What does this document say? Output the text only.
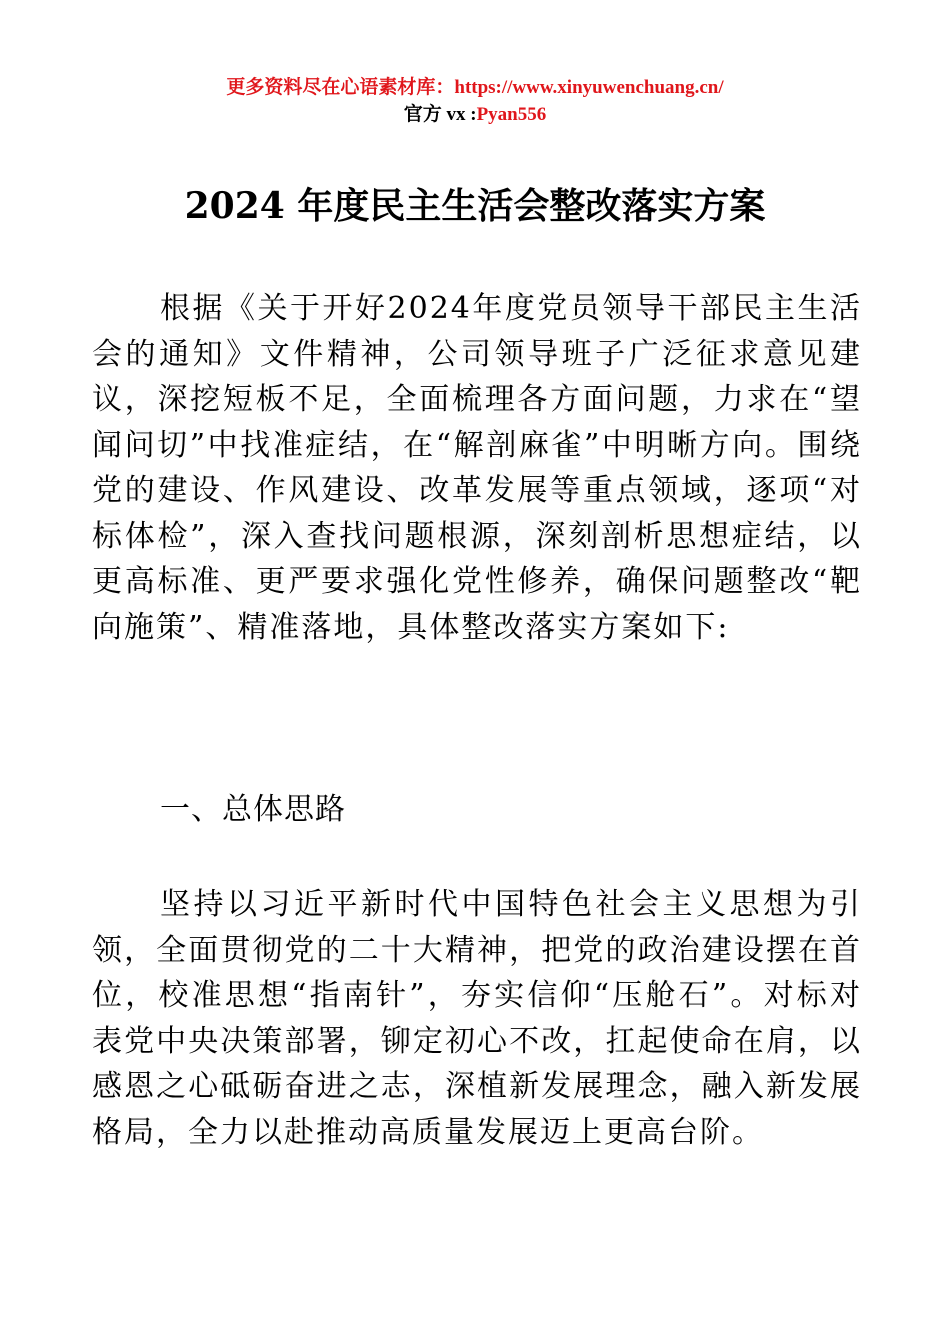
更多资料尽在心语素材库：https://www.xinyuwenchuang.cn/
官方 vx :Pyan556
2024 年度民主生活会整改落实方案
根据《关于开好2024年度党员领导干部民主生活会的通知》文件精神，公司领导班子广泛征求意见建议，深挖短板不足，全面梳理各方面问题，力求在“望闻问切”中找准症结，在“解剖麻雀”中明晰方向。围绕党的建设、作风建设、改革发展等重点领域，逐项“对标体检”，深入查找问题根源，深刻剖析思想症结，以更高标准、更严要求强化党性修养，确保问题整改“靶向施策”、精准落地，具体整改落实方案如下:
一、总体思路
坚持以习近平新时代中国特色社会主义思想为引领，全面贯彻党的二十大精神，把党的政治建设摆在首位，校准思想“指南针”，夯实信仰“压舱石”。对标对表党中央决策部署，铆定初心不改，扛起使命在肩，以感恩之心砥砺奋进之志，深植新发展理念，融入新发展格局，全力以赴推动高质量发展迈上更高台阶。
